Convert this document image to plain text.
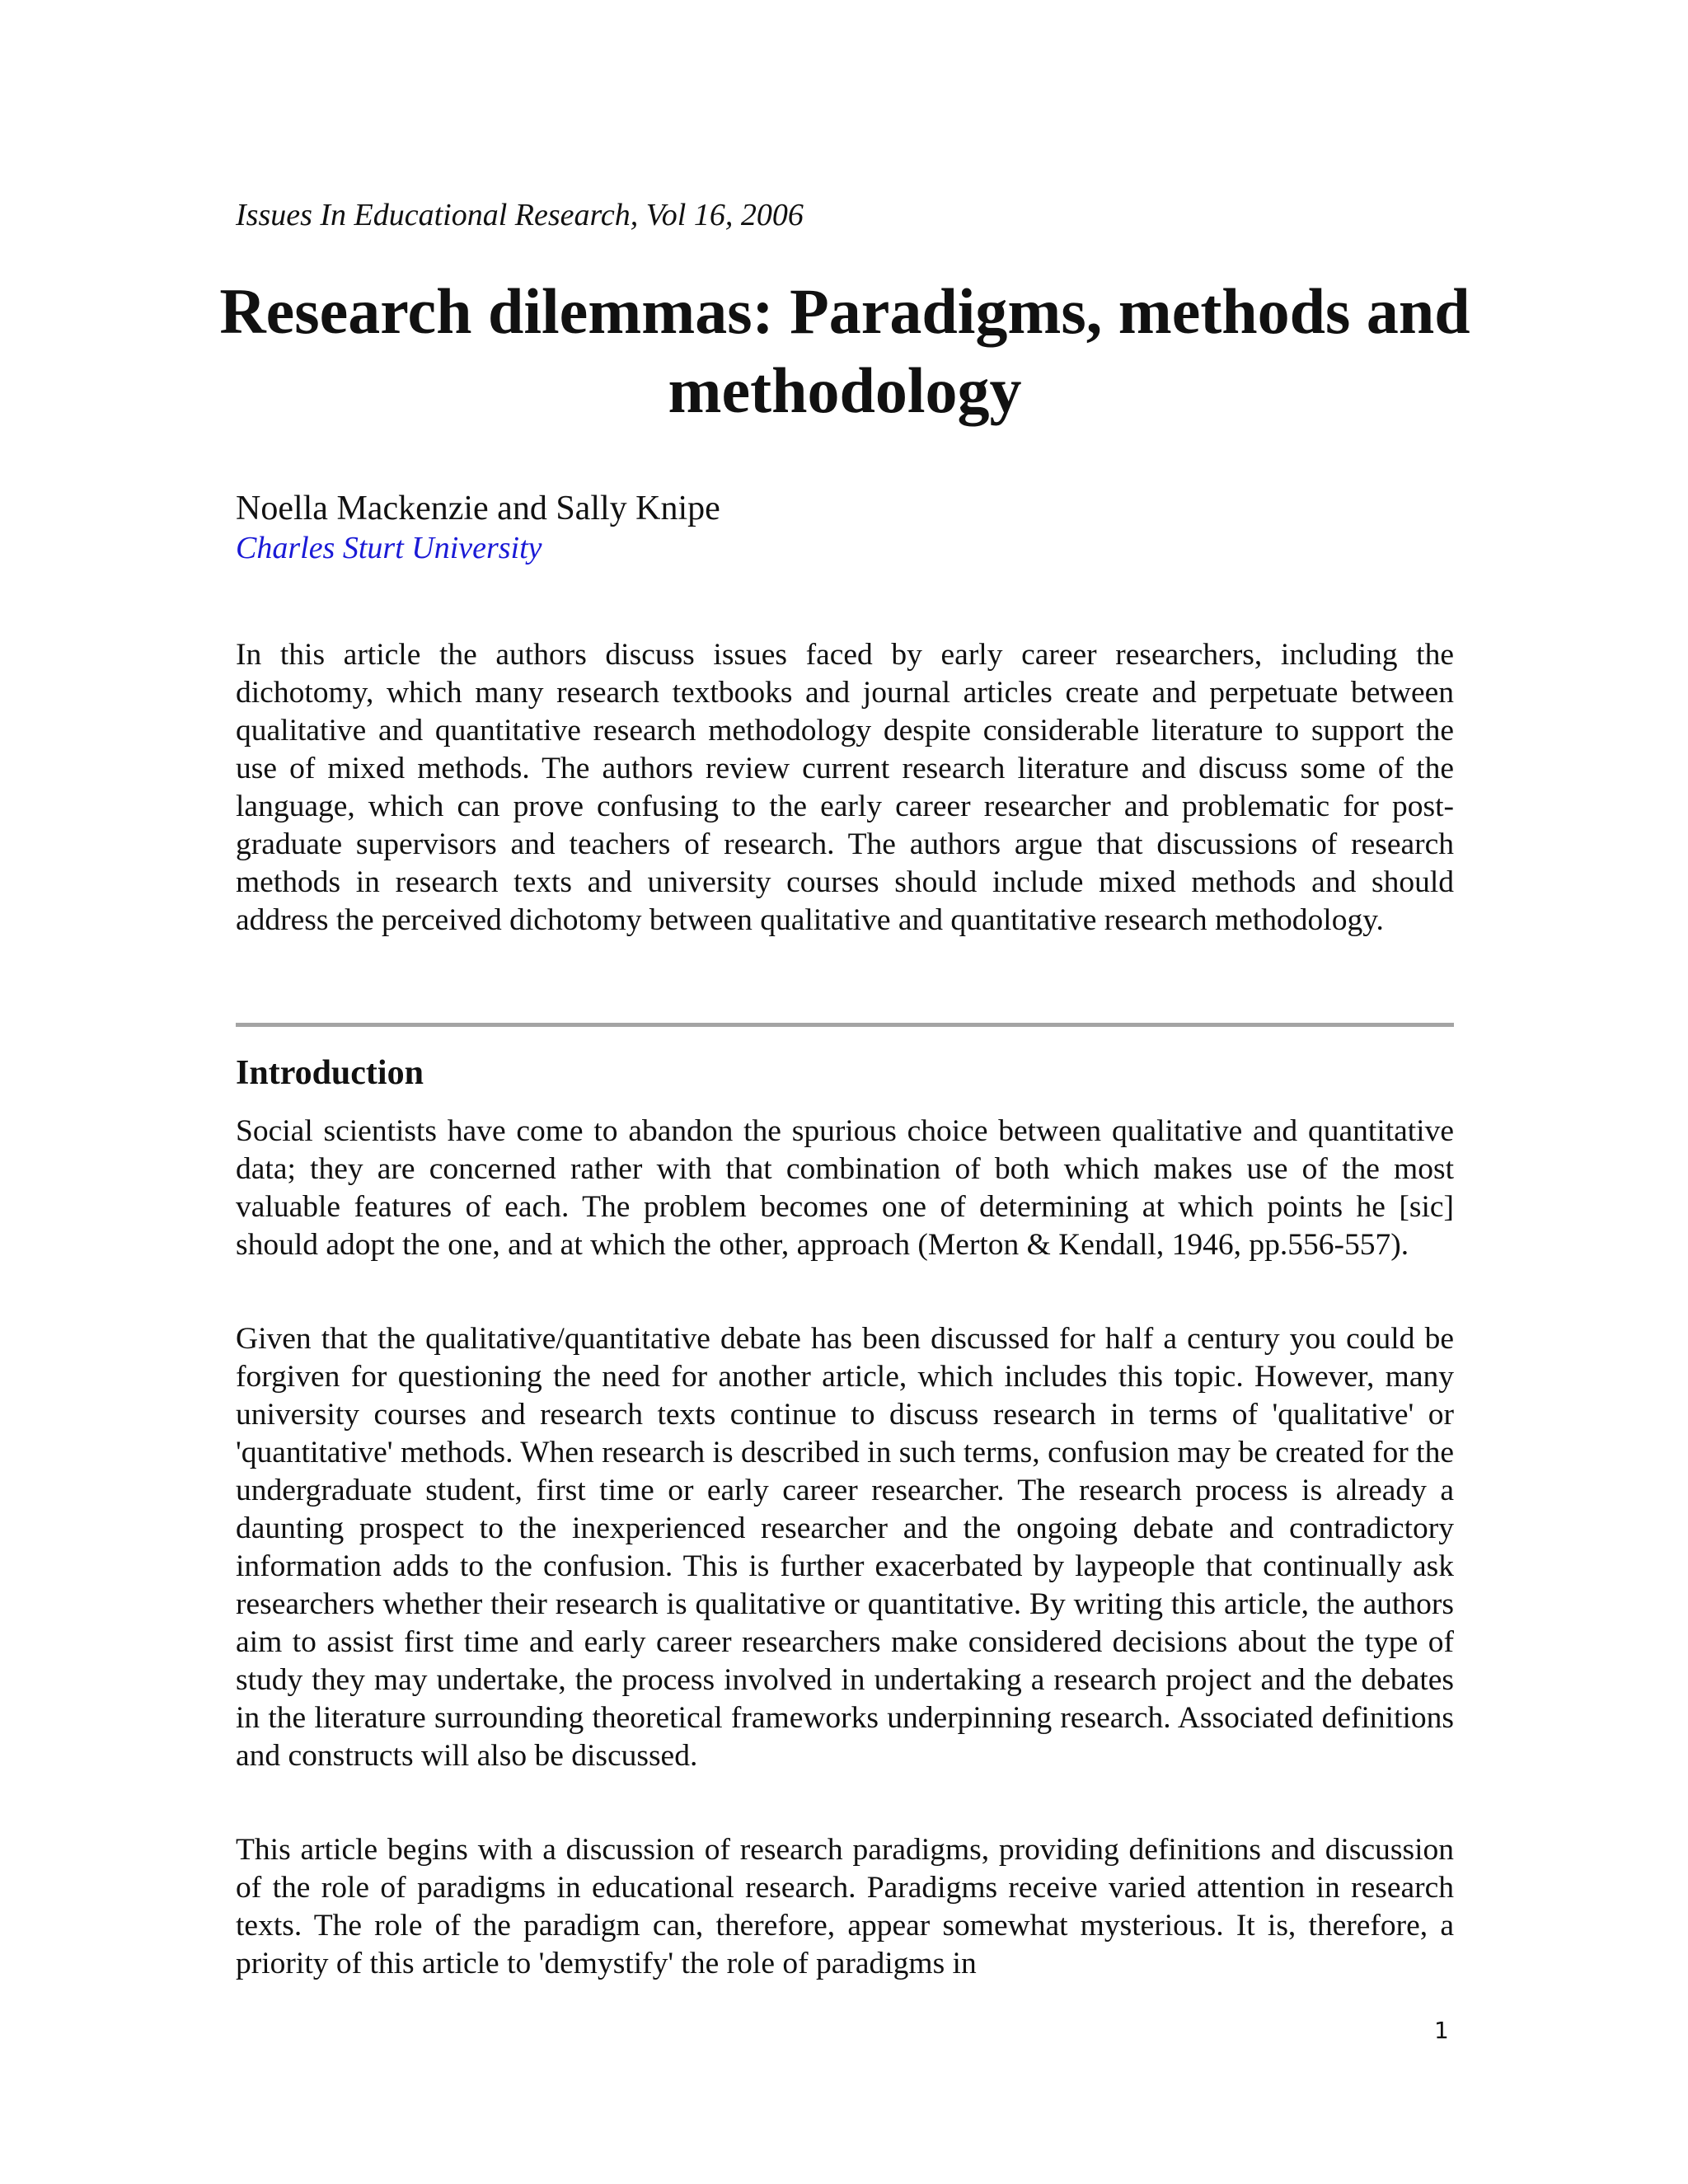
Issues In Educational Research, Vol 16, 2006
Research dilemmas: Paradigms, methods and methodology
Noella Mackenzie and Sally Knipe
Charles Sturt University

In this article the authors discuss issues faced by early career researchers, including the dichotomy, which many research textbooks and journal articles create and perpetuate between qualitative and quantitative research methodology despite considerable literature to support the use of mixed methods. The authors review current research literature and discuss some of the language, which can prove confusing to the early career researcher and problematic for post-graduate supervisors and teachers of research. The authors argue that discussions of research methods in research texts and university courses should include mixed methods and should address the perceived dichotomy between qualitative and quantitative research methodology.

Introduction

Social scientists have come to abandon the spurious choice between qualitative and quantitative data; they are concerned rather with that combination of both which makes use of the most valuable features of each. The problem becomes one of determining at which points he [sic] should adopt the one, and at which the other, approach (Merton & Kendall, 1946, pp.556-557).

Given that the qualitative/quantitative debate has been discussed for half a century you could be forgiven for questioning the need for another article, which includes this topic. However, many university courses and research texts continue to discuss research in terms of 'qualitative' or 'quantitative' methods. When research is described in such terms, confusion may be created for the undergraduate student, first time or early career researcher. The research process is already a daunting prospect to the inexperienced researcher and the ongoing debate and contradictory information adds to the confusion. This is further exacerbated by laypeople that continually ask researchers whether their research is qualitative or quantitative. By writing this article, the authors aim to assist first time and early career researchers make considered decisions about the type of study they may undertake, the process involved in undertaking a research project and the debates in the literature surrounding theoretical frameworks underpinning research. Associated definitions and constructs will also be discussed.

This article begins with a discussion of research paradigms, providing definitions and discussion of the role of paradigms in educational research. Paradigms receive varied attention in research texts. The role of the paradigm can, therefore, appear somewhat mysterious. It is, therefore, a priority of this article to 'demystify' the role of paradigms in

1
